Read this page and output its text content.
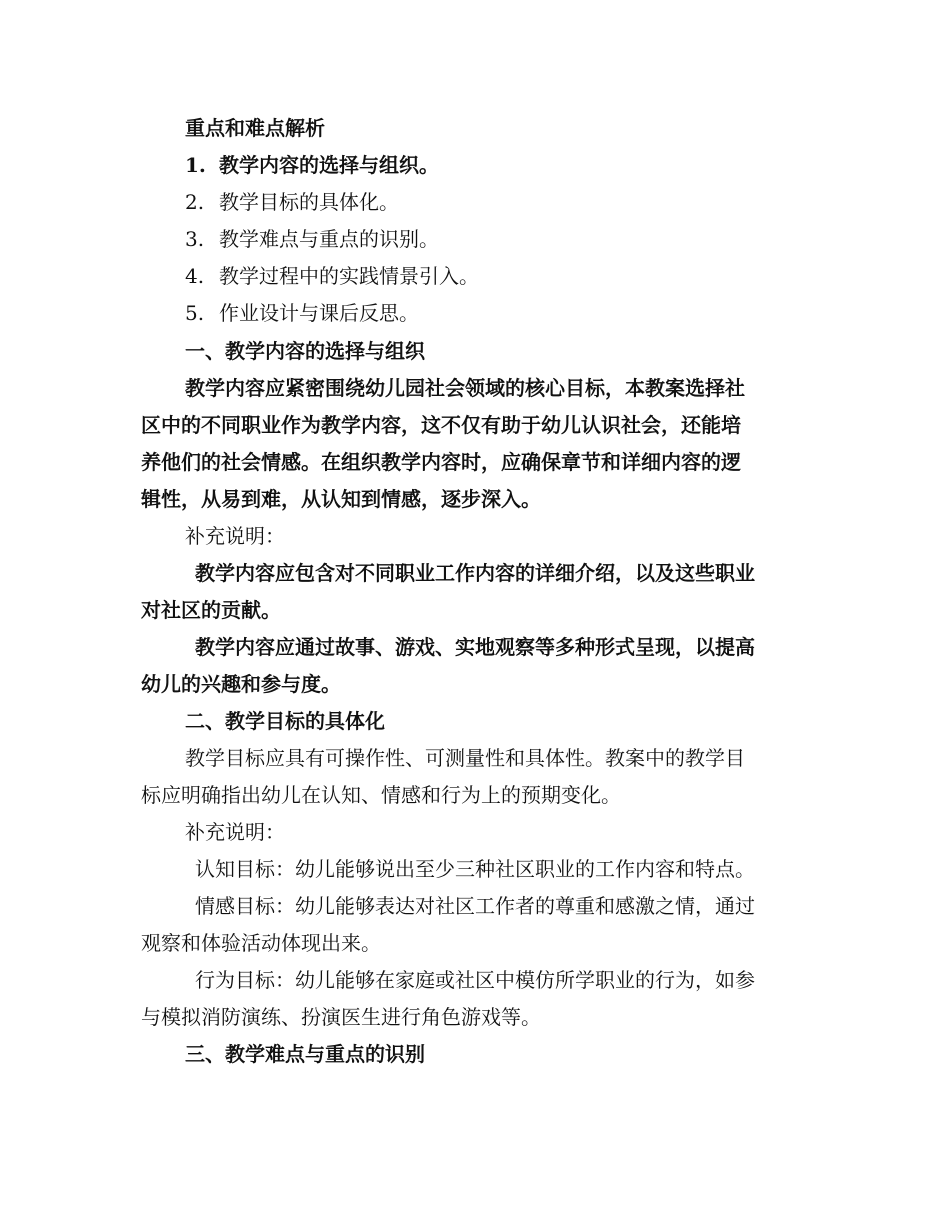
重点和难点解析

1. 教学内容的选择与组织。

2. 教学目标的具体化。

3. 教学难点与重点的识别。

4. 教学过程中的实践情景引入。

5. 作业设计与课后反思。

一、教学内容的选择与组织

教学内容应紧密围绕幼儿园社会领域的核心目标，本教案选择社

区中的不同职业作为教学内容，这不仅有助于幼儿认识社会，还能培

养他们的社会情感。在组织教学内容时，应确保章节和详细内容的逻

辑性，从易到难，从认知到情感，逐步深入。

补充说明：

教学内容应包含对不同职业工作内容的详细介绍，以及这些职业

对社区的贡献。

教学内容应通过故事、游戏、实地观察等多种形式呈现，以提高

幼儿的兴趣和参与度。

二、教学目标的具体化

教学目标应具有可操作性、可测量性和具体性。教案中的教学目

标应明确指出幼儿在认知、情感和行为上的预期变化。

补充说明：

认知目标：幼儿能够说出至少三种社区职业的工作内容和特点。

情感目标：幼儿能够表达对社区工作者的尊重和感激之情，通过

观察和体验活动体现出来。

行为目标：幼儿能够在家庭或社区中模仿所学职业的行为，如参

与模拟消防演练、扮演医生进行角色游戏等。

三、教学难点与重点的识别
